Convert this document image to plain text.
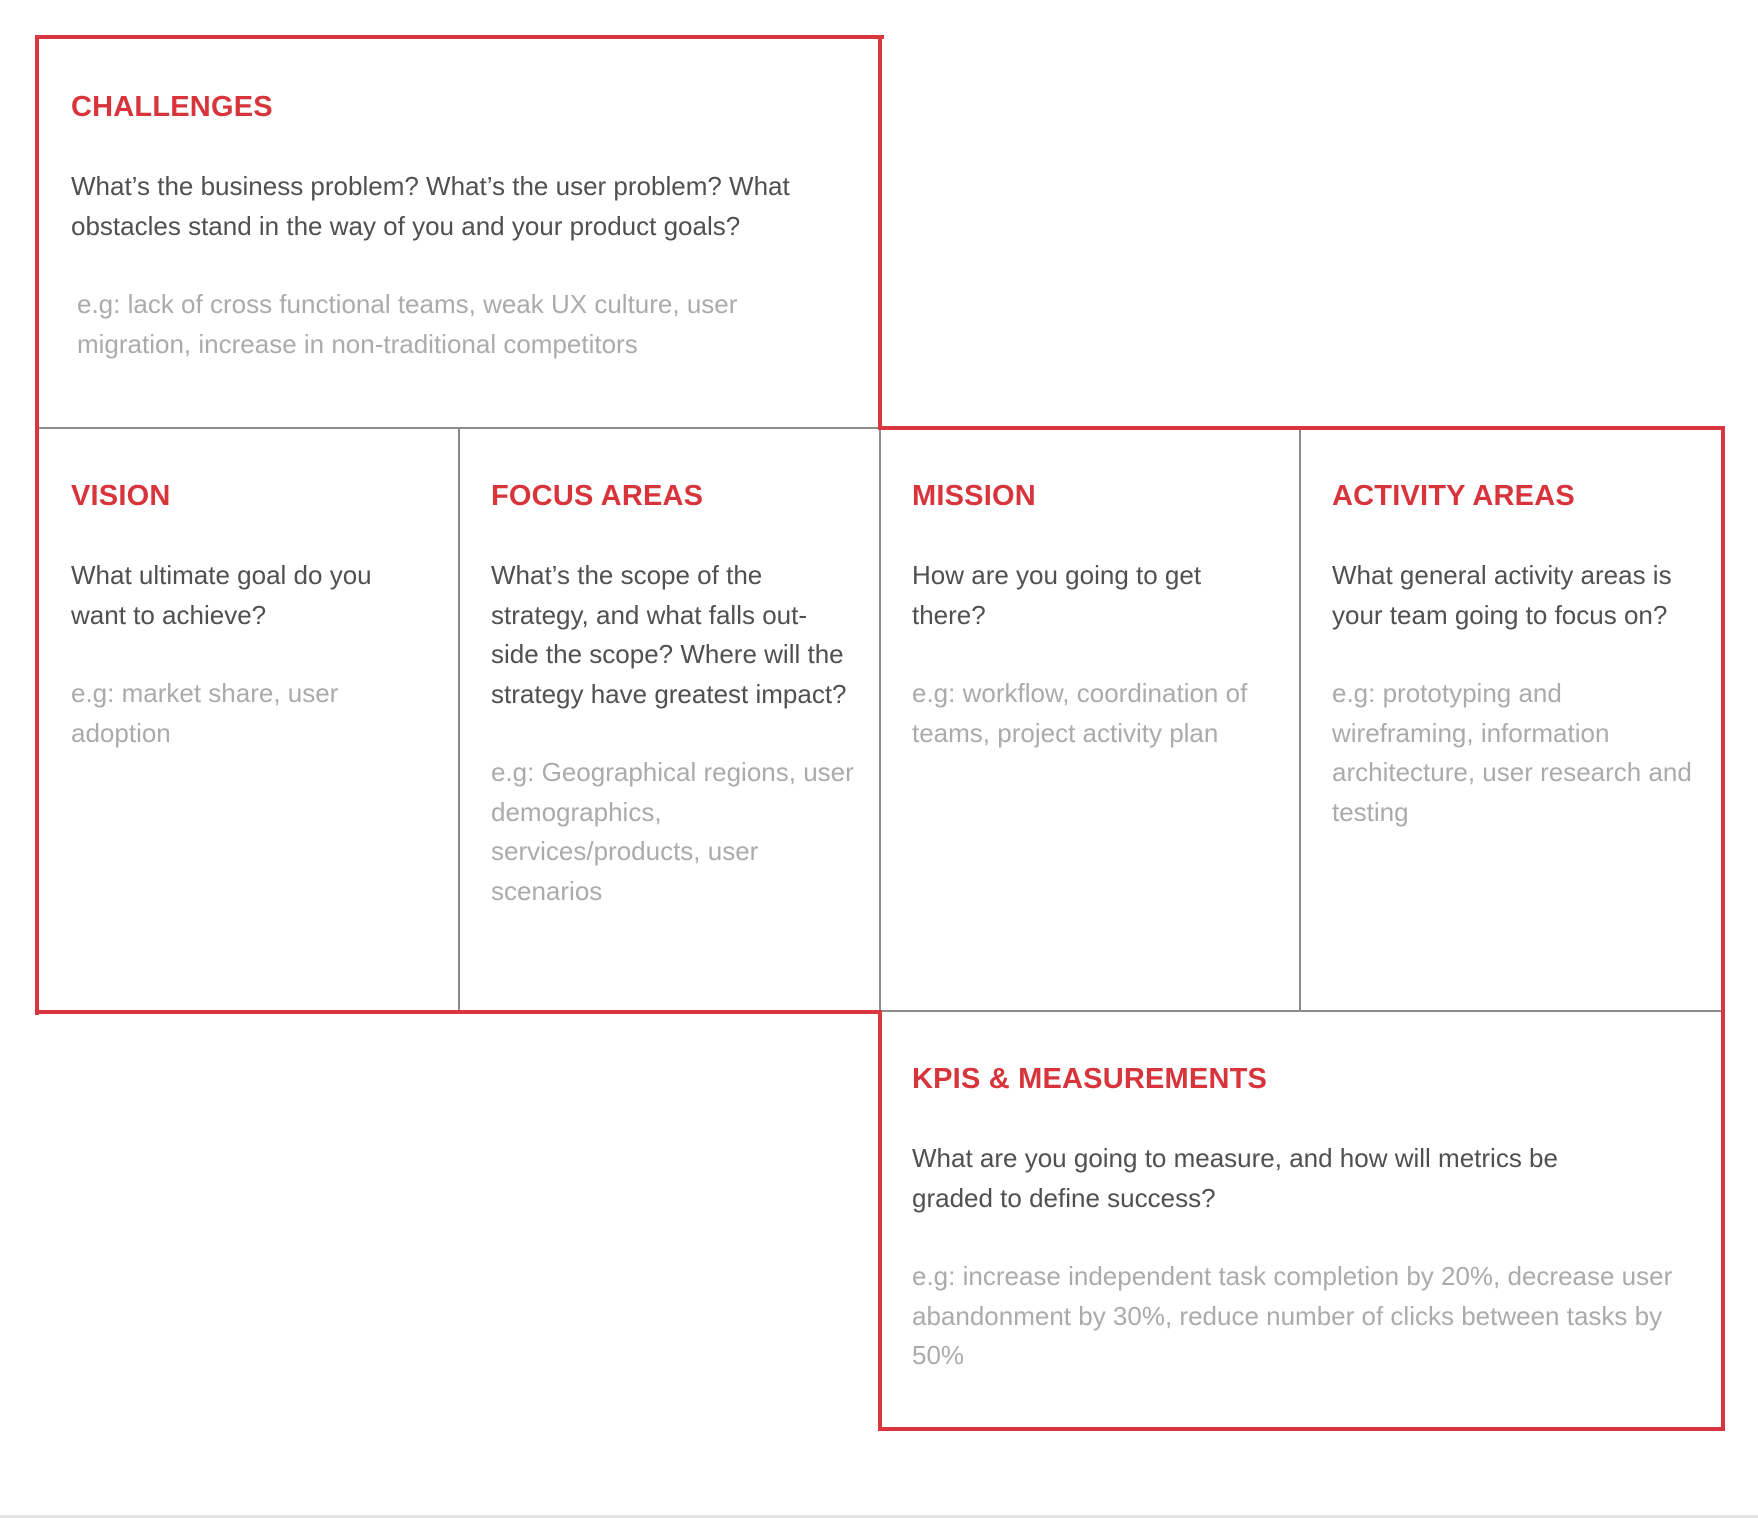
CHALLENGES

What’s the business problem? What’s the user problem? What obstacles stand in the way of you and your product goals?

e.g: lack of cross functional teams, weak UX culture, user migration, increase in non-traditional competitors

VISION

What ultimate goal do you want to achieve?

e.g: market share, user adoption

FOCUS AREAS

What’s the scope of the strategy, and what falls out-side the scope? Where will the strategy have greatest impact?

e.g: Geographical regions, user demographics, services/products, user scenarios

MISSION

How are you going to get there?

e.g: workflow, coordination of teams, project activity plan

ACTIVITY AREAS

What general activity areas is your team going to focus on?

e.g: prototyping and wireframing, information architecture, user research and testing

KPIS & MEASUREMENTS

What are you going to measure, and how will metrics be graded to define success?

e.g: increase independent task completion by 20%, decrease user abandonment by 30%, reduce number of clicks between tasks by 50%
